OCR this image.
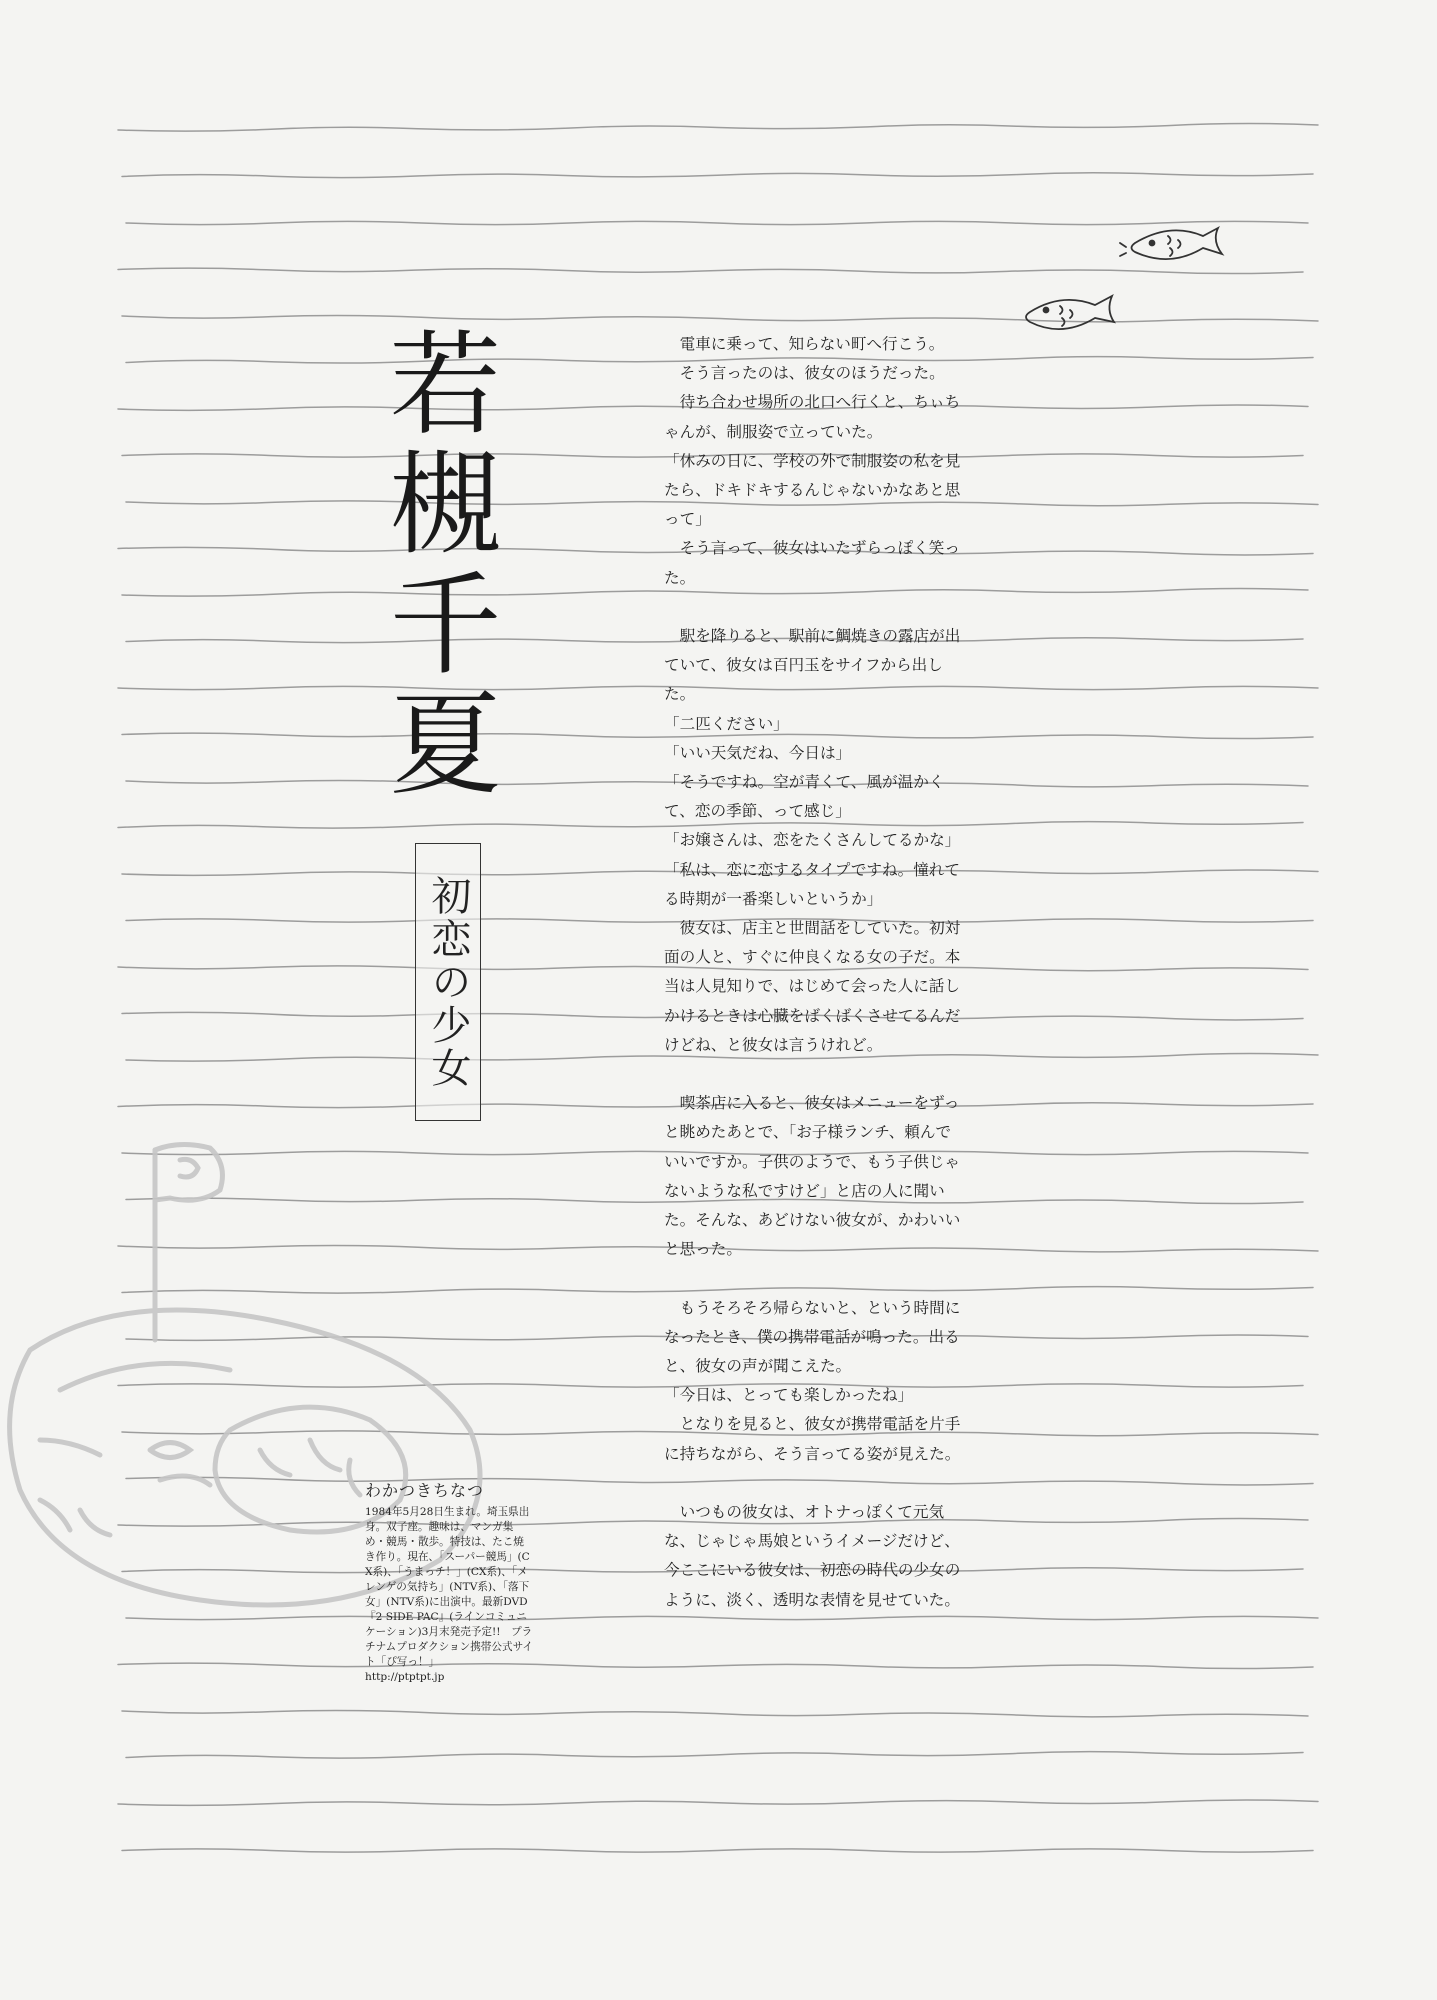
若槻千夏
初恋の少女

　電車に乗って、知らない町へ行こう。

　そう言ったのは、彼女のほうだった。

　待ち合わせ場所の北口へ行くと、ちぃちゃんが、制服姿で立っていた。

「休みの日に、学校の外で制服姿の私を見たら、ドキドキするんじゃないかなあと思って」

　そう言って、彼女はいたずらっぽく笑った。

　駅を降りると、駅前に鯛焼きの露店が出ていて、彼女は百円玉をサイフから出した。

「二匹ください」

「いい天気だね、今日は」

「そうですね。空が青くて、風が温かくて、恋の季節、って感じ」

「お嬢さんは、恋をたくさんしてるかな」

「私は、恋に恋するタイプですね。憧れてる時期が一番楽しいというか」

　彼女は、店主と世間話をしていた。初対面の人と、すぐに仲良くなる女の子だ。本当は人見知りで、はじめて会った人に話しかけるときは心臓をばくばくさせてるんだけどね、と彼女は言うけれど。

　喫茶店に入ると、彼女はメニューをずっと眺めたあとで、「お子様ランチ、頼んでいいですか。子供のようで、もう子供じゃないような私ですけど」と店の人に聞いた。そんな、あどけない彼女が、かわいいと思った。

　もうそろそろ帰らないと、という時間になったとき、僕の携帯電話が鳴った。出ると、彼女の声が聞こえた。

「今日は、とっても楽しかったね」

　となりを見ると、彼女が携帯電話を片手に持ちながら、そう言ってる姿が見えた。

　いつもの彼女は、オトナっぽくて元気な、じゃじゃ馬娘というイメージだけど、今ここにいる彼女は、初恋の時代の少女のように、淡く、透明な表情を見せていた。

わかつきちなつ

1984年5月28日生まれ。埼玉県出身。双子座。趣味は、マンガ集め・競馬・散歩。特技は、たこ焼き作り。現在、「スーパー競馬」(CX系)、「うまっチ！」(CX系)、「メレンゲの気持ち」(NTV系)、「落下女」(NTV系)に出演中。最新DVD『2 SIDE PAC』(ラインコミュニケーション)3月末発売予定!!　プラチナムプロダクション携帯公式サイト「ぴ写っ！」

http://ptptpt.jp
